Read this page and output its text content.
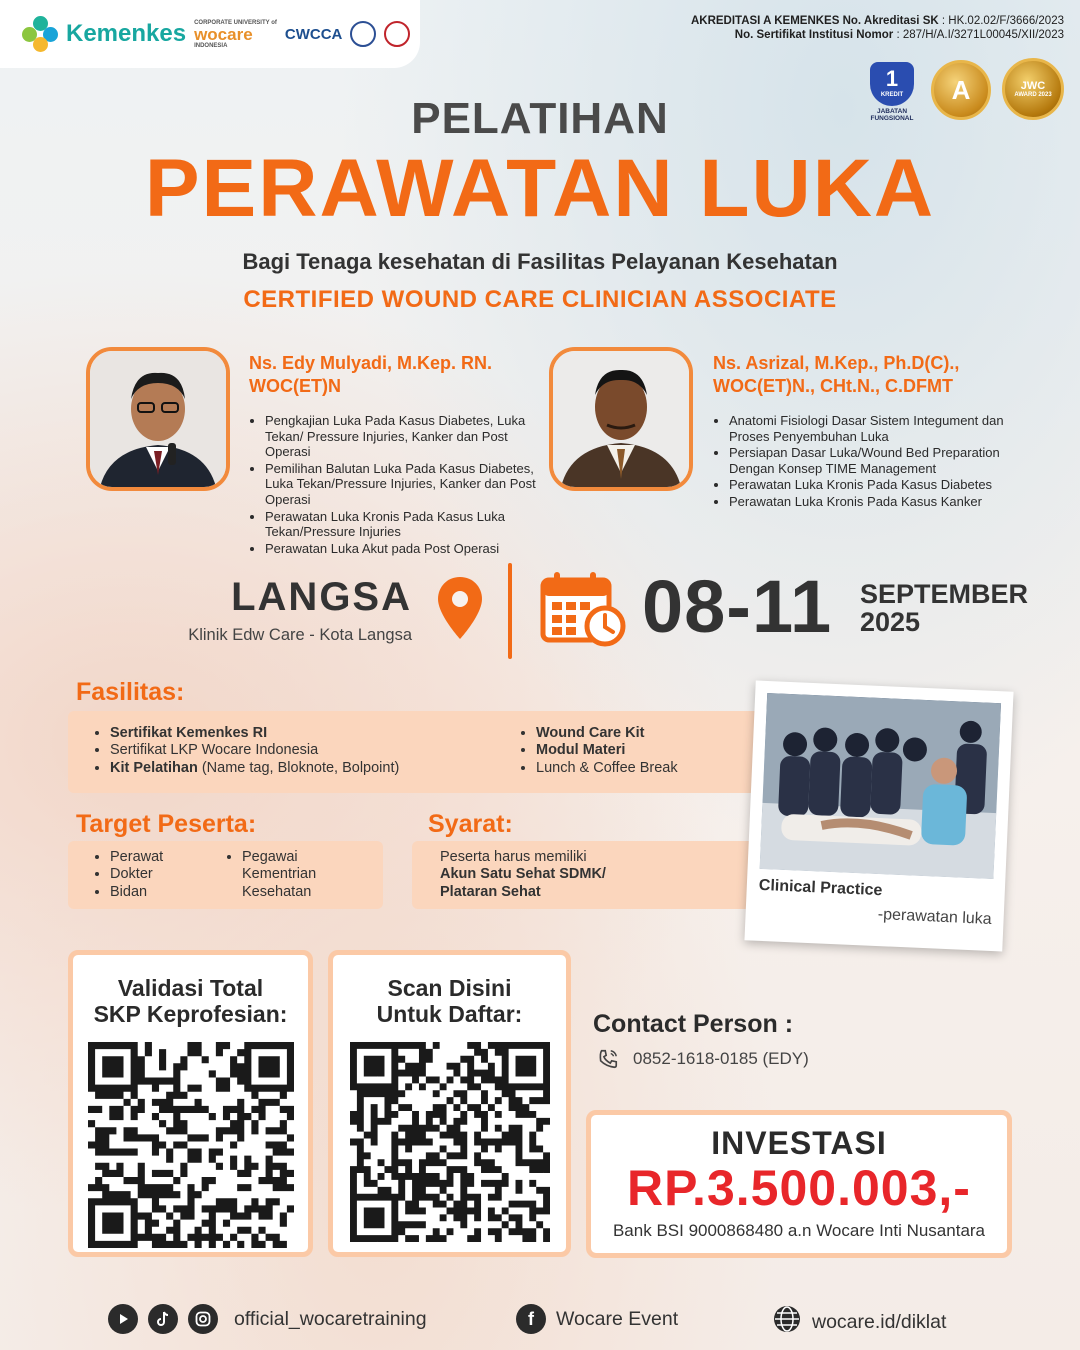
Kemenkes CORPORATE UNIVERSITY of
wocare
INDONESIA
CWCCA
AKREDITASI A KEMENKES No. Akreditasi SK : HK.02.02/F/3666/2023
No. Sertifikat Institusi Nomor : 287/H/A.I/3271L00045/XII/2023
1
KREDIT
JABATAN FUNGSIONAL
A	JWC
AWARD 2023
PELATIHAN
PERAWATAN LUKA
Bagi Tenaga kesehatan di Fasilitas Pelayanan Kesehatan
CERTIFIED WOUND CARE CLINICIAN ASSOCIATE
Ns. Edy Mulyadi, M.Kep. RN.
WOC(ET)N
• Pengkajian Luka Pada Kasus Diabetes, Luka Tekan/ Pressure Injuries, Kanker dan Post Operasi
• Pemilihan Balutan Luka Pada Kasus Diabetes, Luka Tekan/Pressure Injuries, Kanker dan Post Operasi
• Perawatan Luka Kronis Pada Kasus Luka Tekan/Pressure Injuries
• Perawatan Luka Akut pada Post Operasi
Ns. Asrizal, M.Kep., Ph.D(C).,
WOC(ET)N., CHt.N., C.DFMT
• Anatomi Fisiologi Dasar Sistem Integument dan Proses Penyembuhan Luka
• Persiapan Dasar Luka/Wound Bed Preparation Dengan Konsep TIME Management
• Perawatan Luka Kronis Pada Kasus Diabetes
• Perawatan Luka Kronis Pada Kasus Kanker
LANGSA
Klinik Edw Care - Kota Langsa	08-11 SEPTEMBER
2025
Fasilitas:
• Sertifikat Kemenkes RI
• Sertifikat LKP Wocare Indonesia
• Kit Pelatihan (Name tag, Bloknote, Bolpoint)
• Wound Care Kit
• Modul Materi
• Lunch & Coffee Break
Target Peserta:
• Perawat
• Dokter
• Bidan
• Pegawai Kementrian Kesehatan
Syarat:
Peserta harus memiliki
Akun Satu Sehat SDMK/
Plataran Sehat	Clinical Practice
-perawatan luka
Validasi Total
SKP Keprofesian:
Scan Disini
Untuk Daftar:	Contact Person :
0852-1618-0185 (EDY)
INVESTASI
RP.3.500.003,-
Bank BSI 9000868480 a.n Wocare Inti Nusantara
official_wocaretraining	f	Wocare Event	wocare.id/diklat
